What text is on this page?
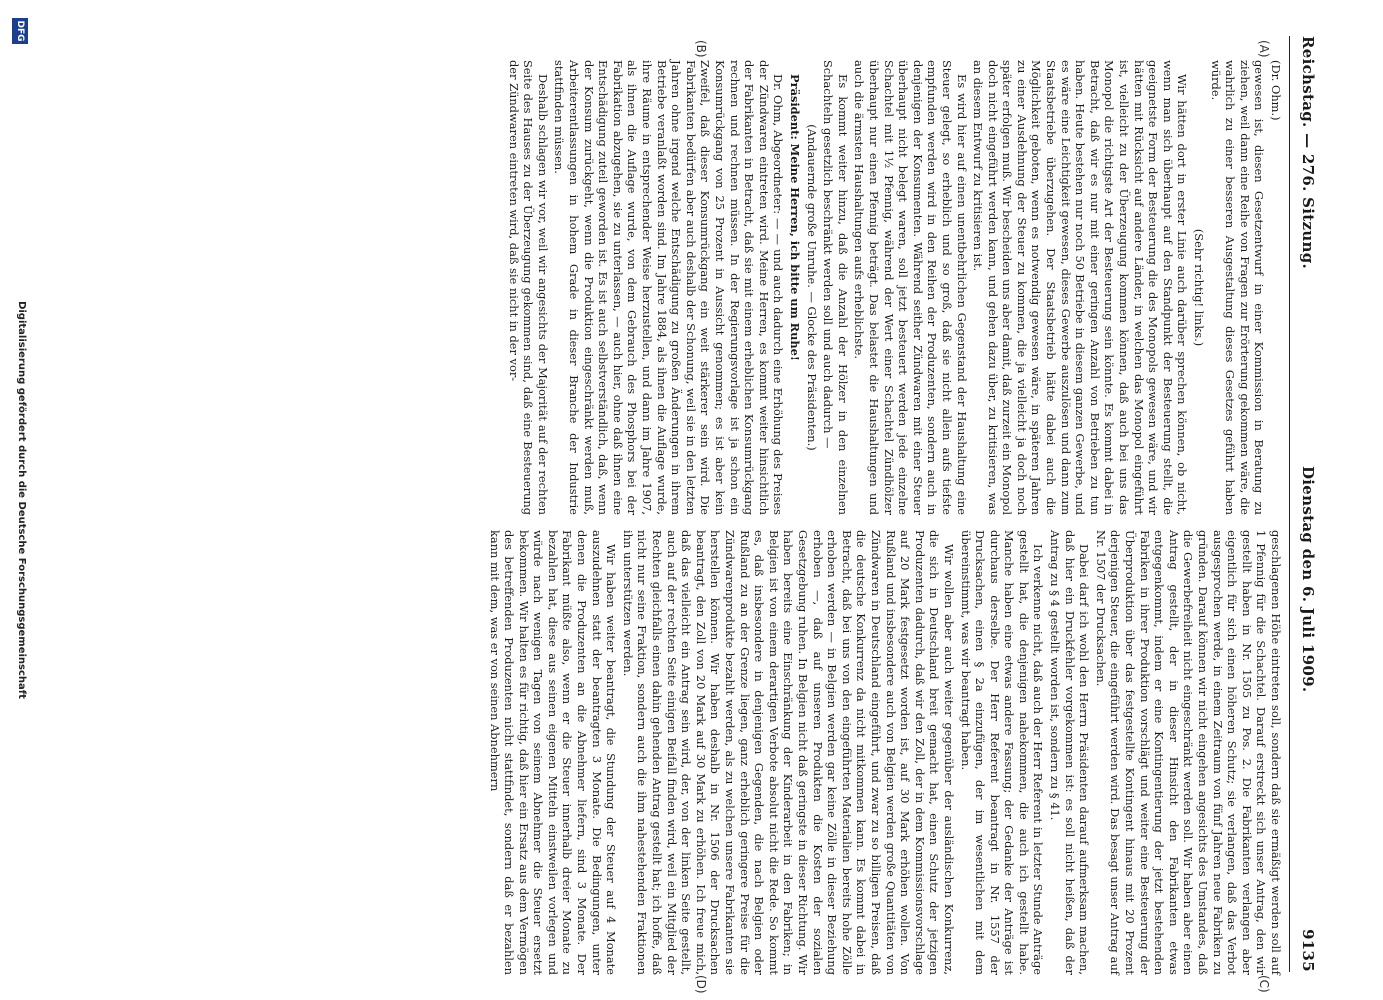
Reichstag. — 276. Sitzung.
Dienstag den 6. Juli 1909.
9135
(A)
(B)
(C)
(D)

(Dr. Ohm.)

gewesen ist, diesen Gesetzentwurf in einer Kommission in Beratung zu ziehen, weil dann eine Reihe von Fragen zur Erörterung gekommen wäre, die wahrlich zu einer besseren Ausgestaltung dieses Gesetzes geführt haben würde.

(Sehr richtig! links.)

Wir hätten dort in erster Linie auch darüber sprechen können, ob nicht, wenn man sich überhaupt auf den Standpunkt der Besteuerung stellt, die geeignetste Form der Besteuerung die des Monopols gewesen wäre, und wir hätten mit Rücksicht auf andere Länder, in welchen das Monopol eingeführt ist, vielleicht zu der Überzeugung kommen können, daß auch bei uns das Monopol die richtigste Art der Besteuerung sein könnte. Es kommt dabei in Betracht, daß wir es nur mit einer geringen Anzahl von Betrieben zu tun haben. Heute bestehen nur noch 50 Betriebe in diesem ganzen Gewerbe, und es wäre eine Leichtigkeit gewesen, dieses Gewerbe auszulösen und dann zum Staatsbetriebe überzugehen. Der Staatsbetrieb hätte dabei auch die Möglichkeit geboten, wenn es notwendig gewesen wäre, in späteren Jahren zu einer Ausdehnung der Steuer zu kommen, die ja vielleicht ja doch noch später erfolgen muß. Wir bescheiden uns aber damit, daß zurzeit ein Monopol doch nicht eingeführt werden kann, und gehen dazu über, zu kritisieren, was an diesem Entwurf zu kritisieren ist.

Es wird hier auf einen unentbehrlichen Gegenstand der Haushaltung eine Steuer gelegt, so erheblich und so groß, daß sie nicht allein aufs tiefste empfunden werden wird in den Reihen der Produzenten, sondern auch in denjenigen der Konsumenten. Während seither Zündwaren mit einer Steuer überhaupt nicht belegt waren, soll jetzt besteuert werden jede einzelne Schachtel mit 1½ Pfennig, während der Wert einer Schachtel Zündhölzer überhaupt nur einen Pfennig beträgt. Das belastet die Haushaltungen und auch die ärmsten Haushaltungen aufs erheblichste.

Es kommt weiter hinzu, daß die Anzahl der Hölzer in den einzelnen Schachteln gesetzlich beschränkt werden soll und auch dadurch —

(Andauernde große Unruhe. — Glocke des Präsidenten.)

Präsident: Meine Herren, ich bitte um Ruhe!

Dr. Ohm, Abgeordneter: — — und auch dadurch eine Erhöhung des Preises der Zündwaren eintreten wird. Meine Herren, es kommt weiter hinsichtlich der Fabrikanten in Betracht, daß sie mit einem erheblichen Konsumrückgang rechnen und rechnen müssen. In der Regierungsvorlage ist ja schon ein Konsumrückgang von 25 Prozent in Aussicht genommen; es ist aber kein Zweifel, daß dieser Konsumrückgang ein weit stärkerer sein wird. Die Fabrikanten bedürfen aber auch deshalb der Schonung, weil sie in den letzten Jahren ohne irgend welche Entschädigung zu großen Änderungen in ihrem Betriebe veranlaßt worden sind. Im Jahre 1884, als ihnen die Auflage wurde, ihre Räume in entsprechender Weise herzustellen, und dann im Jahre 1907, als ihnen die Auflage wurde, von dem Gebrauch des Phosphors bei der Fabrikation abzugehen, sie zu unterlassen, — auch hier, ohne daß ihnen eine Entschädigung zuteil geworden ist. Es ist auch selbstverständlich, daß, wenn der Konsum zurückgeht, wenn die Produktion eingeschränkt werden muß, Arbeiterentlassungen in hohem Grade in dieser Branche der Industrie stattfinden müssen.

Deshalb schlagen wir vor, weil wir angesichts der Majorität auf der rechten Seite des Hauses zu der Überzeugung gekommen sind, daß eine Besteuerung der Zündwaren eintreten wird, daß sie nicht in der vor-

geschlagenen Höhe eintreten soll, sondern daß sie ermäßigt werden soll auf 1 Pfennig für die Schachtel. Darauf erstreckt sich unser Antrag, den wir gestellt haben in Nr. 1505 zu Pos. 2. Die Fabrikanten verlangen aber eigentlich für sich einen höheren Schutz; sie verlangen, daß das Verbot ausgesprochen werde, in einem Zeitraum von fünf Jahren neue Fabriken zu gründen. Darauf können wir nicht eingehen angesichts des Umstandes, daß die Gewerbefreiheit nicht eingeschränkt werden soll. Wir haben aber einen Antrag gestellt, der in dieser Hinsicht den Fabrikanten etwas entgegenkommt, indem er eine Kontingentierung der jetzt bestehenden Fabriken in ihrer Produktion vorschlägt und weiter eine Besteuerung der Überproduktion über das festgestellte Kontingent hinaus mit 20 Prozent derjenigen Steuer, die eingeführt werden wird. Das besagt unser Antrag auf Nr. 1507 der Drucksachen.

Dabei darf ich wohl den Herrn Präsidenten darauf aufmerksam machen, daß hier ein Druckfehler vorgekommen ist: es soll nicht heißen, daß der Antrag zu § 4 gestellt worden ist, sondern zu § 41.

Ich verkenne nicht, daß auch der Herr Referent in letzter Stunde Anträge gestellt hat, die denjenigen nahekommen, die auch ich gestellt habe. Manche haben eine etwas andere Fassung; der Gedanke der Anträge ist durchaus derselbe. Der Herr Referent beantragt in Nr. 1557 der Drucksachen, einen § 2a einzufügen, der im wesentlichen mit dem übereinstimmt, was wir beantragt haben.

Wir wollen aber auch weiter gegenüber der ausländischen Konkurrenz, die sich in Deutschland breit gemacht hat, einen Schutz der jetzigen Produzenten dadurch, daß wir den Zoll, der in dem Kommissionsvorschlage auf 20 Mark festgesetzt worden ist, auf 30 Mark erhöhen wollen. Von Rußland und insbesondere auch von Belgien werden große Quantitäten von Zündwaren in Deutschland eingeführt, und zwar zu so billigen Preisen, daß die deutsche Konkurrenz da nicht mitkommen kann. Es kommt dabei in Betracht, daß bei uns von den eingeführten Materialien bereits hohe Zölle erhoben werden — in Belgien werden gar keine Zölle in dieser Beziehung erhoben —, daß auf unseren Produkten die Kosten der sozialen Gesetzgebung ruhen. In Belgien nicht daß geringste in dieser Richtung. Wir haben bereits eine Einschränkung der Kinderarbeit in den Fabriken; in Belgien ist von einem derartigen Verbote absolut nicht die Rede. So kommt es, daß insbesondere in denjenigen Gegenden, die nach Belgien oder Rußland zu an der Grenze liegen, ganz erheblich geringere Preise für die Zündwarenprodukte bezahlt werden, als zu welchen unsere Fabrikanten sie herstellen können. Wir haben deshalb in Nr. 1506 der Drucksachen beantragt, den Zoll von 20 Mark auf 30 Mark zu erhöhen. Ich freue mich, daß das vielleicht ein Antrag sein wird, der, von der linken Seite gestellt, auch auf der rechten Seite einigen Beifall finden wird, weil ein Mitglied der Rechten gleichfalls einen dahin gehenden Antrag gestellt hat; ich hoffe, daß nicht nur seine Fraktion, sondern auch die ihm nahestehenden Fraktionen ihn unterstützen werden.

Wir haben weiter beantragt, die Stundung der Steuer auf 4 Monate auszudehnen statt der beantragten 3 Monate. Die Bedingungen, unter denen die Produzenten an die Abnehmer liefern, sind 3 Monate. Der Fabrikant müßte also, wenn er die Steuer innerhalb dreier Monate zu bezahlen hat, diese aus seinen eigenen Mitteln einstweilen vorlegen und würde nach wenigen Tagen von seinem Abnehmer die Steuer ersetzt bekommen. Wir halten es für richtig, daß hier ein Ersatz aus dem Vermögen des betreffenden Produzenten nicht stattfindet, sondern daß er bezahlen kann mit dem, was er von seinen Abnehmern

Digitalisierung gefördert durch die Deutsche Forschungsgemeinschaft
DFG
